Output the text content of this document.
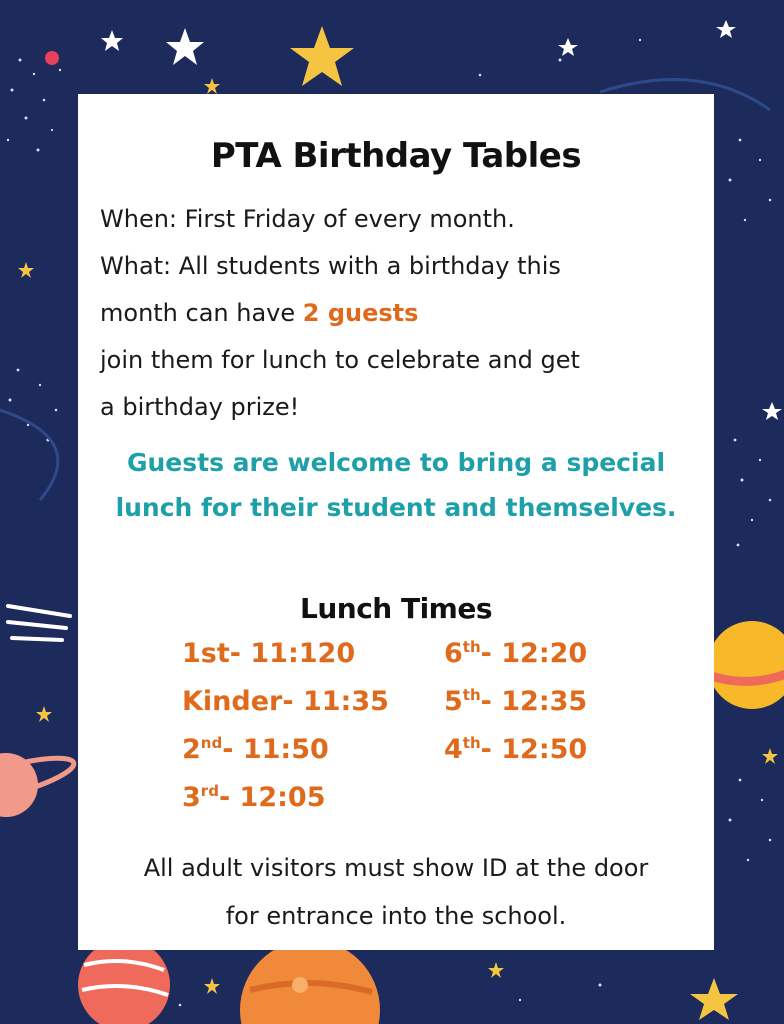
PTA Birthday Tables
When: First Friday of every month.
What: All students with a birthday this
month can have 2 guests
join them for lunch to celebrate and get
a birthday prize!
Guests are welcome to bring a special lunch for their student and themselves.
Lunch Times
1st- 11:120
Kinder- 11:35
2nd- 11:50
3rd- 12:05
6th- 12:20
5th- 12:35
4th- 12:50
All adult visitors must show ID at the door
for entrance into the school.
